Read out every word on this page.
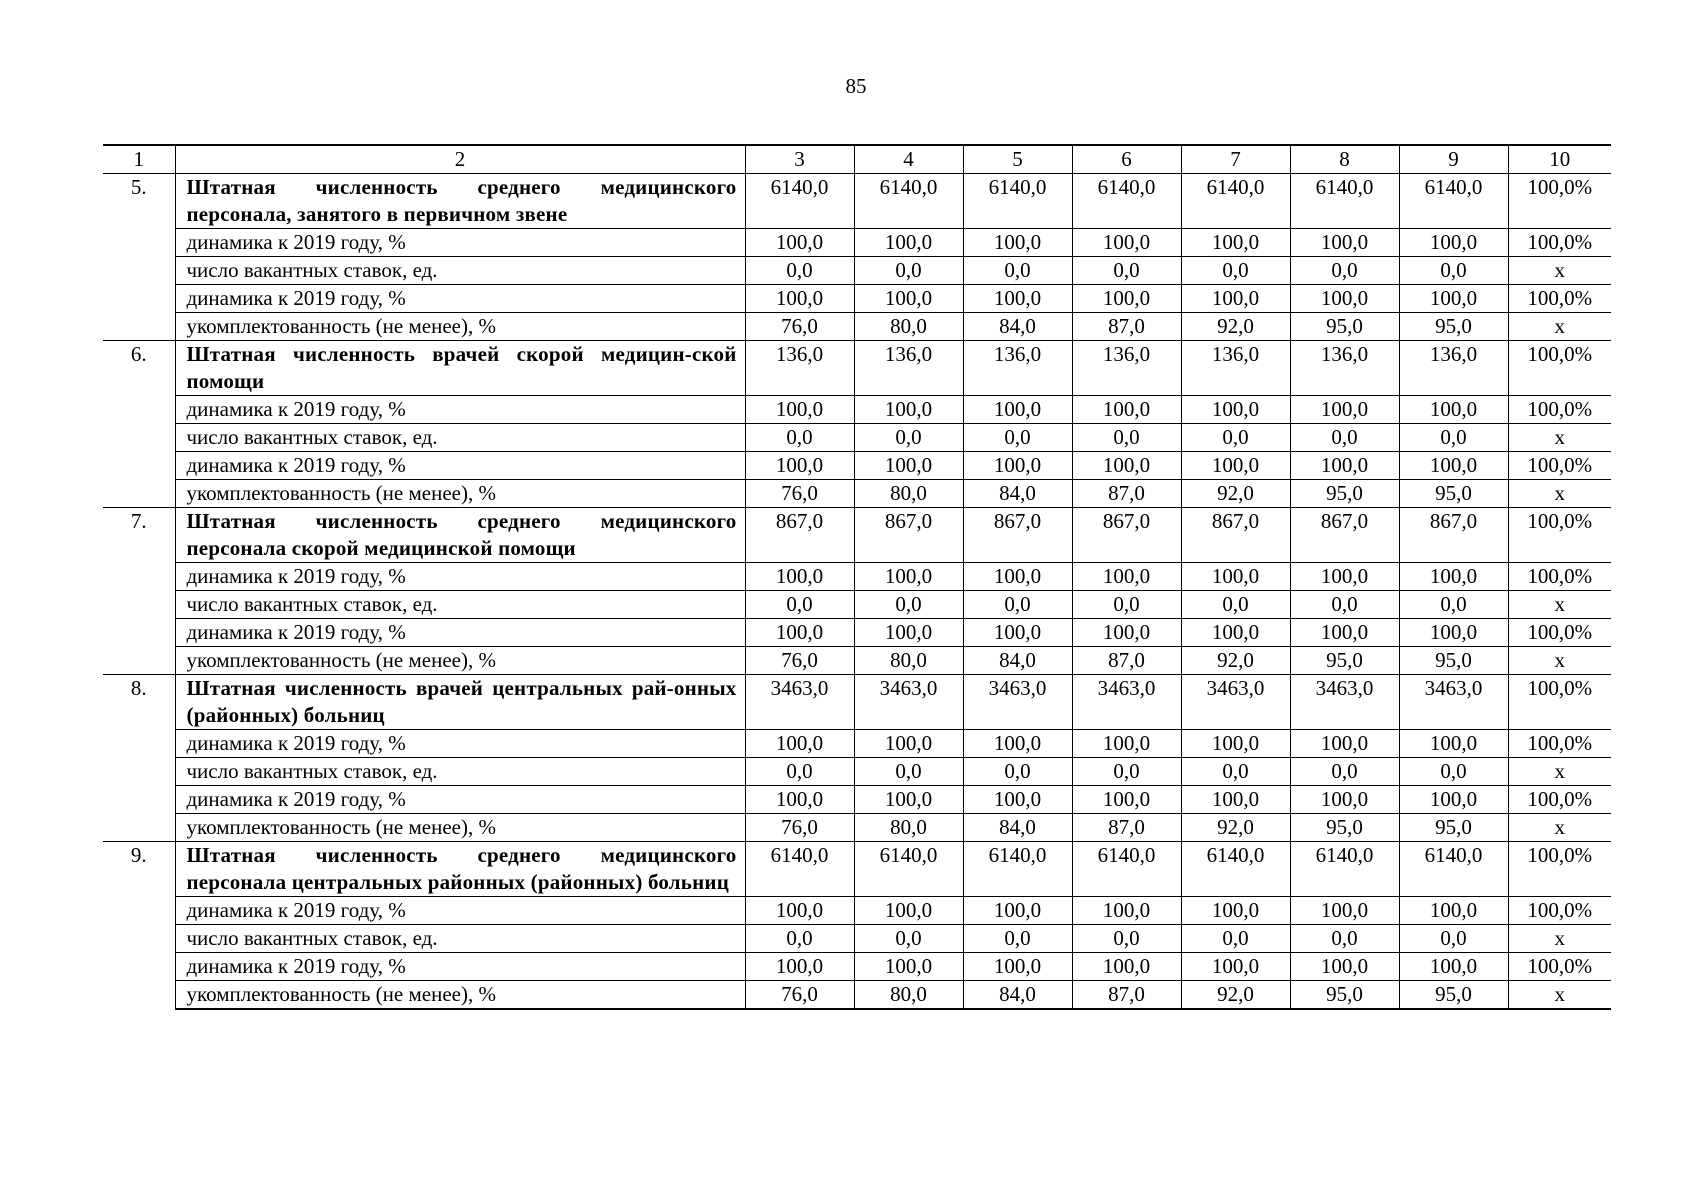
85
1	2	3	4	5	6	7	8	9	10
5.	Штатная численность среднего медицинского персонала, занятого в первичном звене	6140,0	6140,0	6140,0	6140,0	6140,0	6140,0	6140,0	100,0%
	динамика к 2019 году, %	100,0	100,0	100,0	100,0	100,0	100,0	100,0	100,0%
	число вакантных ставок, ед.	0,0	0,0	0,0	0,0	0,0	0,0	0,0	х
	динамика к 2019 году, %	100,0	100,0	100,0	100,0	100,0	100,0	100,0	100,0%
	укомплектованность (не менее), %	76,0	80,0	84,0	87,0	92,0	95,0	95,0	х
6.	Штатная численность врачей скорой медицин-ской помощи	136,0	136,0	136,0	136,0	136,0	136,0	136,0	100,0%
	динамика к 2019 году, %	100,0	100,0	100,0	100,0	100,0	100,0	100,0	100,0%
	число вакантных ставок, ед.	0,0	0,0	0,0	0,0	0,0	0,0	0,0	х
	динамика к 2019 году, %	100,0	100,0	100,0	100,0	100,0	100,0	100,0	100,0%
	укомплектованность (не менее), %	76,0	80,0	84,0	87,0	92,0	95,0	95,0	х
7.	Штатная численность среднего медицинского персонала скорой медицинской помощи	867,0	867,0	867,0	867,0	867,0	867,0	867,0	100,0%
	динамика к 2019 году, %	100,0	100,0	100,0	100,0	100,0	100,0	100,0	100,0%
	число вакантных ставок, ед.	0,0	0,0	0,0	0,0	0,0	0,0	0,0	х
	динамика к 2019 году, %	100,0	100,0	100,0	100,0	100,0	100,0	100,0	100,0%
	укомплектованность (не менее), %	76,0	80,0	84,0	87,0	92,0	95,0	95,0	х
8.	Штатная численность врачей центральных рай-онных (районных) больниц	3463,0	3463,0	3463,0	3463,0	3463,0	3463,0	3463,0	100,0%
	динамика к 2019 году, %	100,0	100,0	100,0	100,0	100,0	100,0	100,0	100,0%
	число вакантных ставок, ед.	0,0	0,0	0,0	0,0	0,0	0,0	0,0	х
	динамика к 2019 году, %	100,0	100,0	100,0	100,0	100,0	100,0	100,0	100,0%
	укомплектованность (не менее), %	76,0	80,0	84,0	87,0	92,0	95,0	95,0	х
9.	Штатная численность среднего медицинского персонала центральных районных (районных) больниц	6140,0	6140,0	6140,0	6140,0	6140,0	6140,0	6140,0	100,0%
	динамика к 2019 году, %	100,0	100,0	100,0	100,0	100,0	100,0	100,0	100,0%
	число вакантных ставок, ед.	0,0	0,0	0,0	0,0	0,0	0,0	0,0	х
	динамика к 2019 году, %	100,0	100,0	100,0	100,0	100,0	100,0	100,0	100,0%
	укомплектованность (не менее), %	76,0	80,0	84,0	87,0	92,0	95,0	95,0	х
